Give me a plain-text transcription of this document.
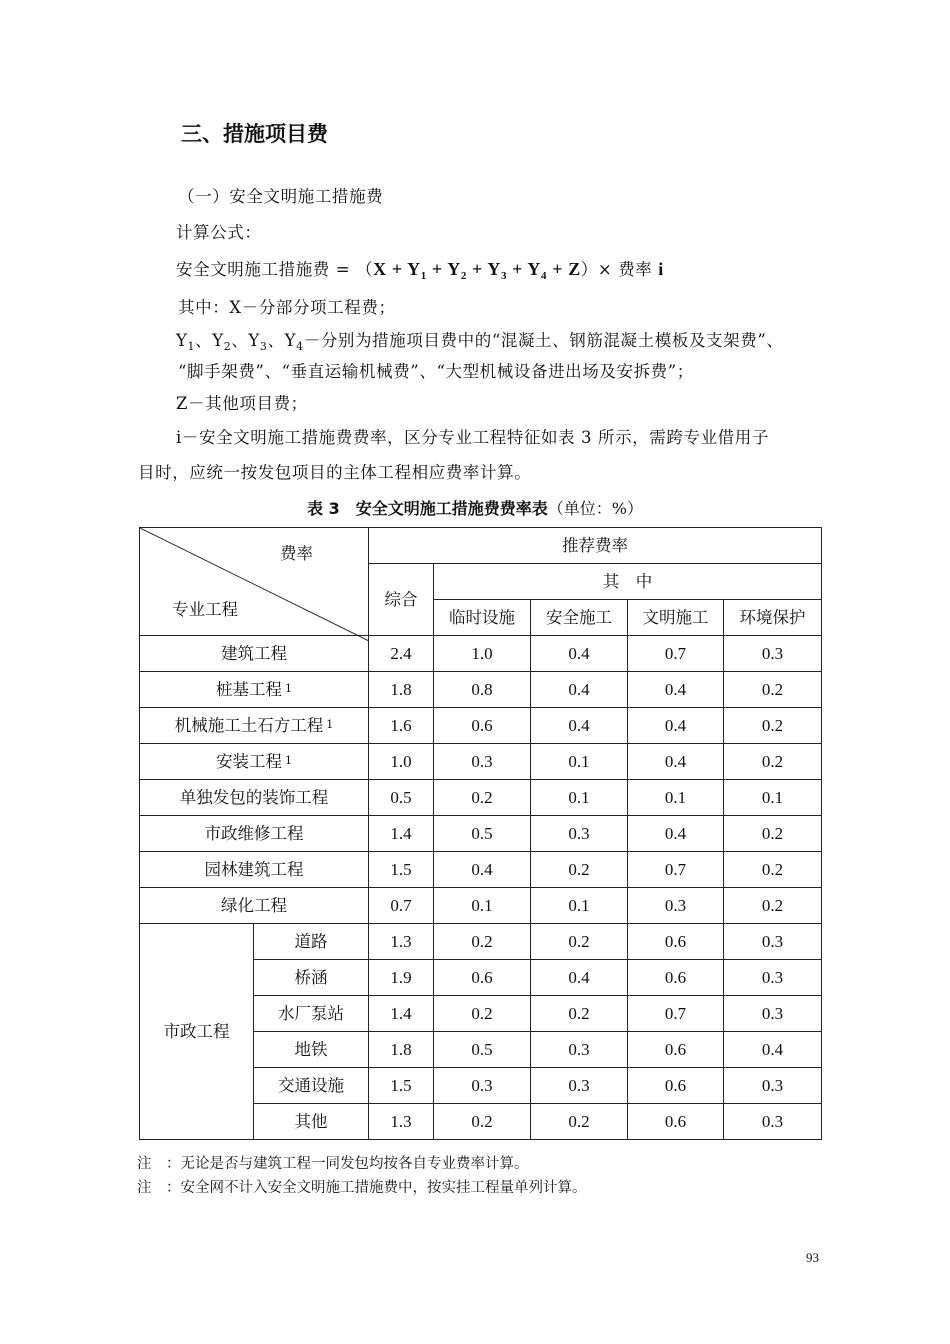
三、措施项目费
（一）安全文明施工措施费
计算公式：
安全文明施工措施费 = $(X + Y_1 + Y_2 + Y_3 + Y_4 + Z)\times$ 费率 i
其中：X－分部分项工程费；
$Y_1$、$Y_2$、$Y_3$、$Y_4-$分别为措施项目费中的“混凝土、钢筋混凝土模板及支架费”、
“脚手架费”、“垂直运输机械费”、“大型机械设备进出场及安拆费”；
Z－其他项目费；
i－安全文明施工措施费费率，区分专业工程特征如表 3 所示，需跨专业借用子
目时，应统一按发包项目的主体工程相应费率计算。
表 3　安全文明施工措施费费率表（单位：%）
费率
专业工程		推荐费率				
		综合	其　中			
			临时设施	安全施工	文明施工	环境保护
建筑工程		2.4	1.0	0.4	0.7	0.3
桩基工程 $^1$		1.8	0.8	0.4	0.4	0.2
机械施工土石方工程 $^1$		1.6	0.6	0.4	0.4	0.2
安装工程 $^1$		1.0	0.3	0.1	0.4	0.2
单独发包的装饰工程		0.5	0.2	0.1	0.1	0.1
市政维修工程		1.4	0.5	0.3	0.4	0.2
园林建筑工程		1.5	0.4	0.2	0.7	0.2
绿化工程		0.7	0.1	0.1	0.3	0.2
市政工程	道路	1.3	0.2	0.2	0.6	0.3
	桥涵	1.9	0.6	0.4	0.6	0.3
	水厂泵站	1.4	0.2	0.2	0.7	0.3
	地铁	1.8	0.5	0.3	0.6	0.4
	交通设施	1.5	0.3	0.3	0.6	0.3
	其他	1.3	0.2	0.2	0.6	0.3
注　：无论是否与建筑工程一同发包均按各自专业费率计算。
注　：安全网不计入安全文明施工措施费中，按实挂工程量单列计算。
93
